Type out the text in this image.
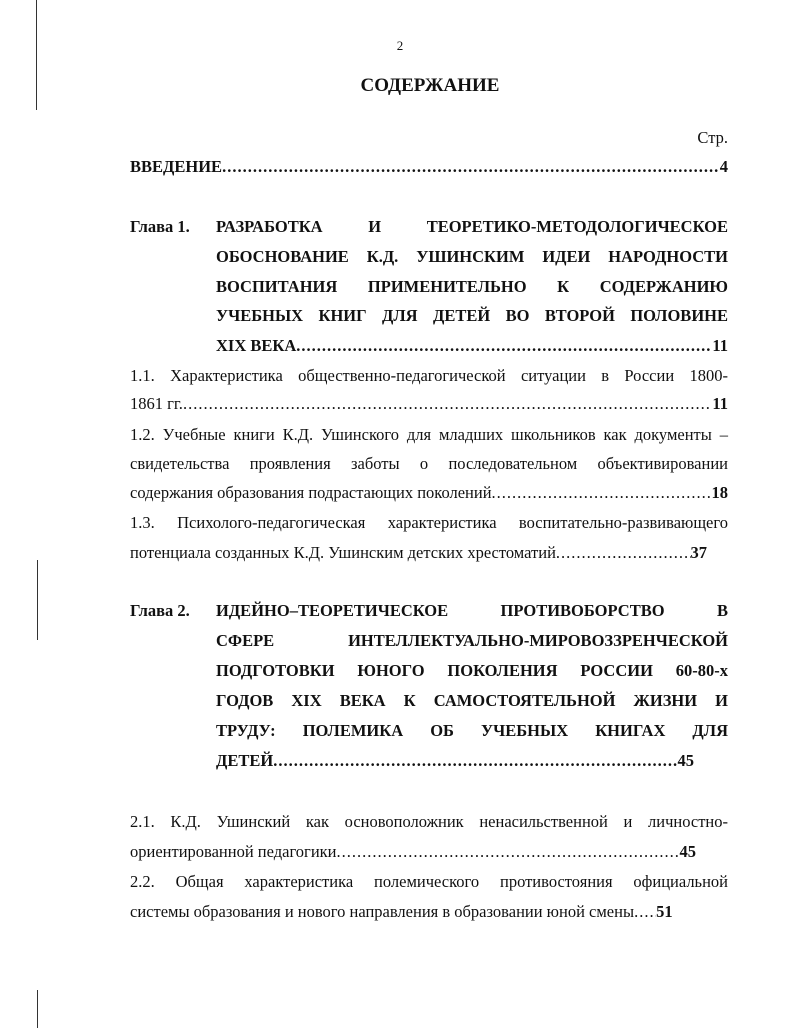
2
СОДЕРЖАНИЕ
Стр.
ВВЕДЕНИЕ .....	4
Глава 1. РАЗРАБОТКА И ТЕОРЕТИКО-МЕТОДОЛОГИЧЕСКОЕ
ОБОСНОВАНИЕ К.Д. УШИНСКИМ ИДЕИ НАРОДНОСТИ
ВОСПИТАНИЯ ПРИМЕНИТЕЛЬНО К СОДЕРЖАНИЮ
УЧЕБНЫХ КНИГ ДЛЯ ДЕТЕЙ ВО ВТОРОЙ ПОЛОВИНЕ
XIX ВЕКА .....	11
1.1. Характеристика общественно-педагогической ситуации в России 1800-
1861 гг. .....	11
1.2. Учебные книги К.Д. Ушинского для младших школьников как документы –
свидетельства проявления заботы о последовательном объективировании
содержания образования подрастающих поколений .....	18
1.3. Психолого-педагогическая характеристика воспитательно-развивающего
потенциала созданных К.Д. Ушинским детских хрестоматий .....	37
Глава 2. ИДЕЙНО–ТЕОРЕТИЧЕСКОЕ ПРОТИВОБОРСТВО В
СФЕРЕ ИНТЕЛЛЕКТУАЛЬНО-МИРОВОЗЗРЕНЧЕСКОЙ
ПОДГОТОВКИ ЮНОГО ПОКОЛЕНИЯ РОССИИ 60-80-х
ГОДОВ XIX ВЕКА К САМОСТОЯТЕЛЬНОЙ ЖИЗНИ И
ТРУДУ: ПОЛЕМИКА ОБ УЧЕБНЫХ КНИГАХ ДЛЯ
ДЕТЕЙ .....	45
2.1. К.Д. Ушинский как основоположник ненасильственной и личностно-
ориентированной педагогики .....	45
2.2. Общая характеристика полемического противостояния официальной
системы образования и нового направления в образовании юной смены ..... 51
